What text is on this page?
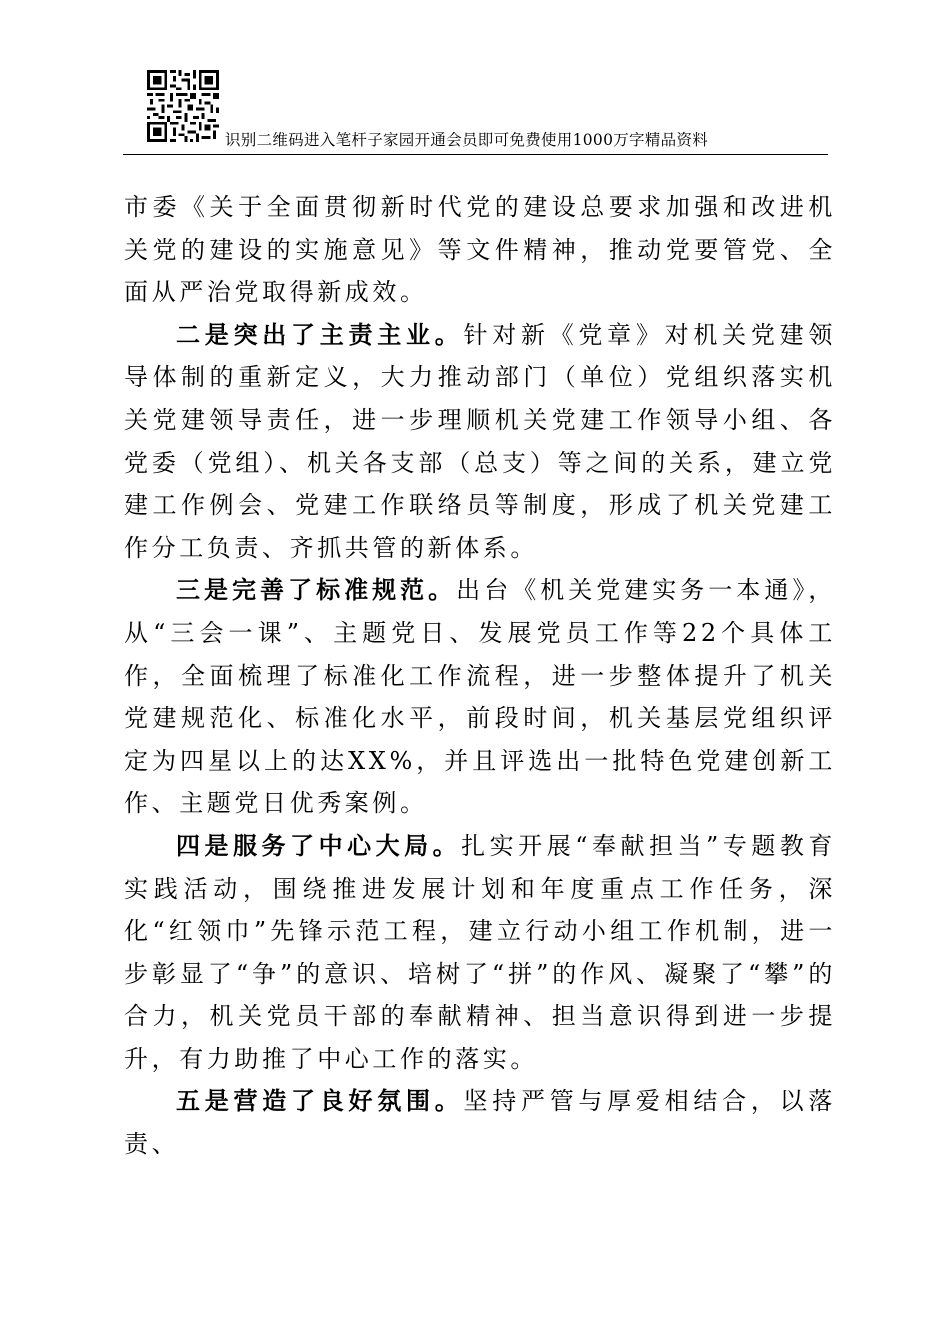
识别二维码进入笔杆子家园开通会员即可免费使用1000万字精品资料

市委《关于全面贯彻新时代党的建设总要求加强和改进机关党的建设的实施意见》等文件精神，推动党要管党、全面从严治党取得新成效。

二是突出了主责主业。针对新《党章》对机关党建领导体制的重新定义，大力推动部门（单位）党组织落实机关党建领导责任，进一步理顺机关党建工作领导小组、各党委（党组）、机关各支部（总支）等之间的关系，建立党建工作例会、党建工作联络员等制度，形成了机关党建工作分工负责、齐抓共管的新体系。

三是完善了标准规范。出台《机关党建实务一本通》，从“三会一课”、主题党日、发展党员工作等22个具体工作，全面梳理了标准化工作流程，进一步整体提升了机关党建规范化、标准化水平，前段时间，机关基层党组织评定为四星以上的达XX%，并且评选出一批特色党建创新工作、主题党日优秀案例。

四是服务了中心大局。扎实开展“奉献担当”专题教育实践活动，围绕推进发展计划和年度重点工作任务，深化“红领巾”先锋示范工程，建立行动小组工作机制，进一步彰显了“争”的意识、培树了“拼”的作风、凝聚了“攀”的合力，机关党员干部的奉献精神、担当意识得到进一步提升，有力助推了中心工作的落实。

五是营造了良好氛围。坚持严管与厚爱相结合，以落责、
